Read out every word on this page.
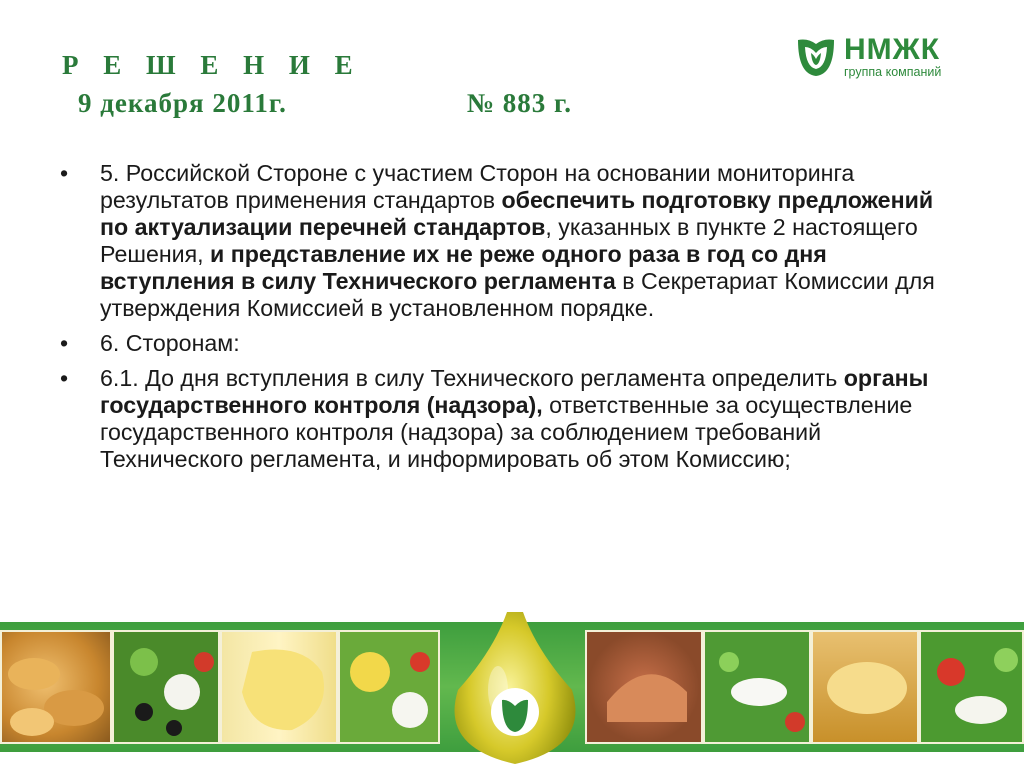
Р Е Ш Е Н И Е
9 декабря 2011г.	№ 883 г.
НМЖК
группа компаний
• 5. Российской Стороне с участием Сторон на основании мониторинга результатов применения стандартов обеспечить подготовку предложений по актуализации перечней стандартов, указанных в пункте 2 настоящего Решения, и представление их не реже одного раза в год со дня вступления в силу Технического регламента в Секретариат Комиссии для утверждения Комиссией в установленном порядке.
• 6. Сторонам:
• 6.1. До дня вступления в силу Технического регламента определить органы государственного контроля (надзора), ответственные за осуществление государственного контроля (надзора) за соблюдением требований Технического регламента, и информировать об этом Комиссию;
